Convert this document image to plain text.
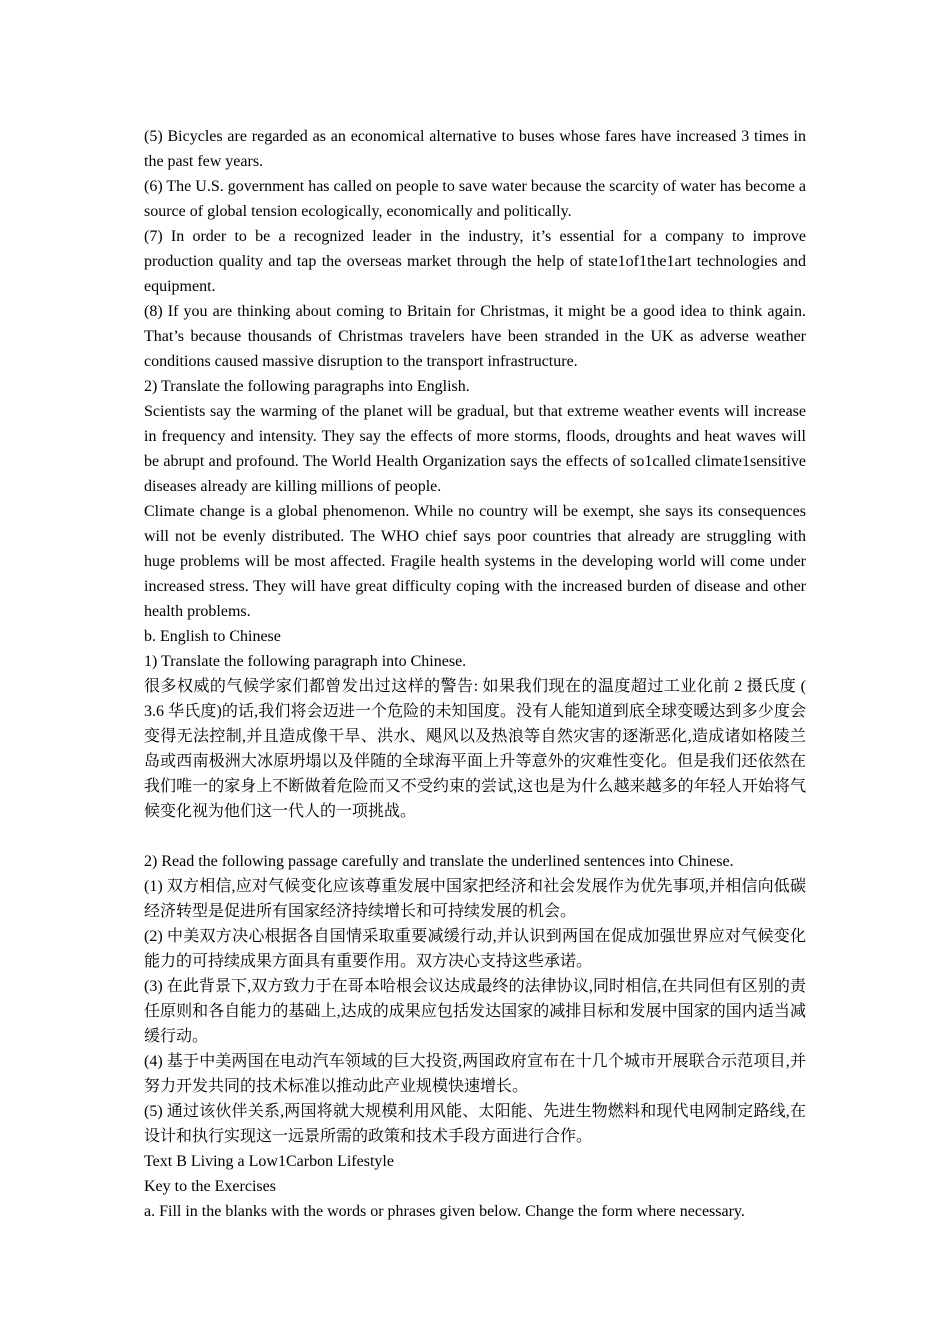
(5) Bicycles are regarded as an economical alternative to buses whose fares have increased 3 times in the past few years.

(6) The U.S. government has called on people to save water because the scarcity of water has become a source of global tension ecologically, economically and politically.

(7) In order to be a recognized leader in the industry, it’s essential for a company to improve production quality and tap the overseas market through the help of state1of1the1art technologies and equipment.

(8) If you are thinking about coming to Britain for Christmas, it might be a good idea to think again. That’s because thousands of Christmas travelers have been stranded in the UK as adverse weather conditions caused massive disruption to the transport infrastructure.

2) Translate the following paragraphs into English.

Scientists say the warming of the planet will be gradual, but that extreme weather events will increase in frequency and intensity. They say the effects of more storms, floods, droughts and heat waves will be abrupt and profound. The World Health Organization says the effects of so1called climate1sensitive diseases already are killing millions of people.

Climate change is a global phenomenon. While no country will be exempt, she says its consequences will not be evenly distributed. The WHO chief says poor countries that already are struggling with huge problems will be most affected. Fragile health systems in the developing world will come under increased stress. They will have great difficulty coping with the increased burden of disease and other health problems.

b. English to Chinese

1) Translate the following paragraph into Chinese.

很多权威的气候学家们都曾发出过这样的警告: 如果我们现在的温度超过工业化前 2 摄氏度 ( 3.6 华氏度)的话,我们将会迈进一个危险的未知国度。没有人能知道到底全球变暖达到多少度会变得无法控制,并且造成像干旱、洪水、飓风以及热浪等自然灾害的逐渐恶化,造成诸如格陵兰岛或西南极洲大冰原坍塌以及伴随的全球海平面上升等意外的灾难性变化。但是我们还依然在我们唯一的家身上不断做着危险而又不受约束的尝试,这也是为什么越来越多的年轻人开始将气候变化视为他们这一代人的一项挑战。

2) Read the following passage carefully and translate the underlined sentences into Chinese.

(1) 双方相信,应对气候变化应该尊重发展中国家把经济和社会发展作为优先事项,并相信向低碳经济转型是促进所有国家经济持续增长和可持续发展的机会。

(2) 中美双方决心根据各自国情采取重要减缓行动,并认识到两国在促成加强世界应对气候变化能力的可持续成果方面具有重要作用。双方决心支持这些承诺。

(3) 在此背景下,双方致力于在哥本哈根会议达成最终的法律协议,同时相信,在共同但有区别的责任原则和各自能力的基础上,达成的成果应包括发达国家的减排目标和发展中国家的国内适当减缓行动。

(4) 基于中美两国在电动汽车领域的巨大投资,两国政府宣布在十几个城市开展联合示范项目,并努力开发共同的技术标准以推动此产业规模快速增长。

(5) 通过该伙伴关系,两国将就大规模利用风能、太阳能、先进生物燃料和现代电网制定路线,在设计和执行实现这一远景所需的政策和技术手段方面进行合作。

Text B Living a Low1Carbon Lifestyle

Key to the Exercises

a. Fill in the blanks with the words or phrases given below. Change the form where necessary.
